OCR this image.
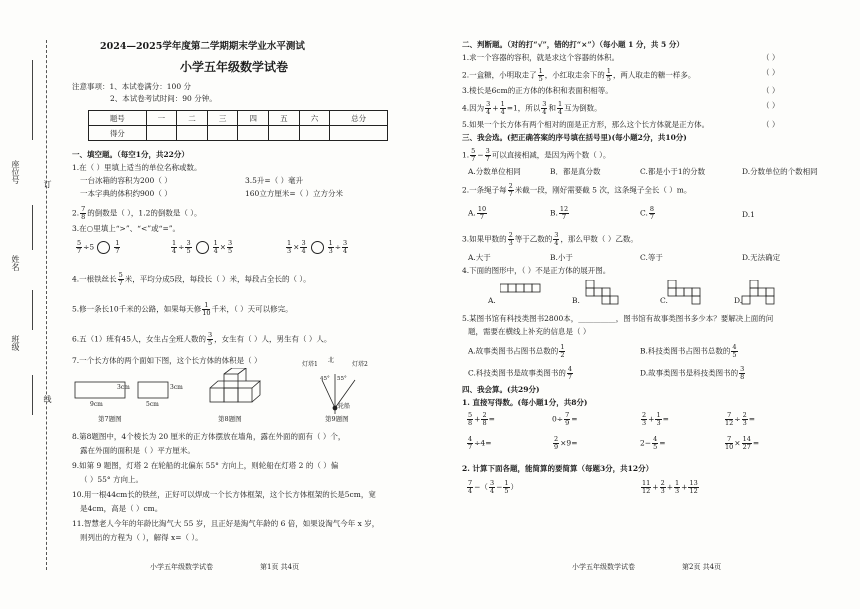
座位号
姓名
班级
订
线
2024—2025学年度第二学期期末学业水平测试
小学五年级数学试卷
注意事项：1、本试卷满分：100 分
2、本试卷考试时间：90 分钟。
题号	一	二	三	四	五	六	总分
得分							
一、填空题。（每空1分，共22分）
1.在（ ）里填上适当的单位名称或数。
一台冰箱的容积为200（ ）	3.5升=（ ）毫升
一本字典的体积约900（ ）	160立方厘米=（ ）立方分米
2. $\frac{7}{8}$ 的倒数是（ ），1.2的倒数是（ ）。
3.在○里填上“>”、“<”或“=”。
$\frac{5}{7} \div 5$	$\frac{1}{7}$	$\frac{1}{4} \div \frac{3}{5}$	$\frac{1}{4} \times \frac{3}{5}$	$\frac{1}{3} \times \frac{3}{4}$	$\frac{1}{3} \div \frac{3}{4}$
4.一根铁丝长 $\frac{5}{7}$ 米，平均分成5段，每段长（ ）米，每段占全长的（ ）。
5.修一条长10千米的公路，如果每天修 $\frac{1}{10}$ 千米，（ ）天可以修完。
6.五（1）班有45人，女生占全班人数的 $\frac{3}{5}$ ，女生有（ ）人，男生有（ ）人。
7.一个长方体的两个面如下图，这个长方体的体积是（ ）
3cm
9cm
3cm
5cm
北
灯塔1	灯塔2
45° 55°
轮船
第7题图	第8题图	第9题图
8.第8题图中，4个棱长为 20 厘米的正方体摆放在墙角，露在外面的面有（ ）个，
露在外面的面积是（ ）平方厘米。
9.如第 9 题图，灯塔 2 在轮船的北偏东 55° 方向上，则轮船在灯塔 2 的（ ）偏
（ ）55° 方向上。
10.用一根44cm长的铁丝，正好可以焊成一个长方体框架，这个长方体框架的长是5cm，宽
是4cm，高是（ ）cm。
11.智慧老人今年的年龄比淘气大 55 岁，且正好是淘气年龄的 6 倍，如果设淘气今年 x 岁，
则列出的方程为（ ），解得 x=（ ）。
小学五年级数学试卷	第1页 共4页
二、判断题。（对的打“√”，错的打“×”）（每小题 1 分，共 5 分）
1.求一个容器的容积，就是求这个容器的体积。
2.一盒糖，小明取走了 $\frac{1}{5}$ ，小红取走余下的 $\frac{1}{5}$ ，两人取走的糖一样多。
3.棱长是6cm的正方体的体积和表面积相等。
4.因为 $\frac{3}{4} + \frac{1}{4} =1$，所以 $\frac{3}{4}$ 和 $\frac{1}{4}$ 互为倒数。
5.如果一个长方体有两个相对的面是正方形，那么这个长方体就是正方体。
（ ）
（ ）
（ ）
（ ）
（ ）
三、我会选。(把正确答案的序号填在括号里)(每小题2分，共10分)
1. $\frac{5}{7} - \frac{3}{7}$ 可以直接相减，是因为两个数（ ）。
A.分数单位相同	B．都是真分数	C.都是小于1的分数	D.分数单位的个数相同
2.一条绳子每 $\frac{2}{7}$ 米截一段，刚好需要截 5 次，这条绳子全长（ ）m。
A. $\frac{10}{7}$	B. $\frac{12}{7}$	C. $\frac{8}{7}$	D.1
3.如果甲数的 $\frac{2}{3}$ 等于乙数的 $\frac{3}{4}$ ，那么甲数（ ）乙数。
A.大于	B.小于	C.等于	D.无法确定
4.下面的图形中，（ ）不是正方体的展开图。
A.	B.	C.	D.
5.某图书馆有科技类图书2800本，__________，图书馆有故事类图书多少本？要解决上面的问
题，需要在横线上补充的信息是（ ）
A.故事类图书占图书总数的 $\frac{1}{2}$	B.科技类图书占图书总数的 $\frac{4}{5}$
C.科技类图书是故事类图书的 $\frac{4}{7}$	D.故事类图书是科技类图书的 $\frac{3}{8}$
四、我会算。(共29分)
1. 直接写得数。(每小题1分，共8分)
$\frac{5}{8} + \frac{2}{8}$ =	$0\div \frac{7}{9}$ =	$\frac{2}{3} + \frac{1}{3}$ =	$\frac{7}{12} \div \frac{2}{3}$ =
$\frac{4}{7} \div 4=$	$\frac{2}{9} \times 9=$	$2- \frac{4}{5}$ =	$\frac{7}{10} \times \frac{14}{27}$ =
2. 计算下面各题，能简算的要简算（每题3分，共12分）
$\frac{7}{4}$ −（ $\frac{3}{4} - \frac{1}{5}$ ）	$\frac{11}{12} + \frac{2}{3} + \frac{1}{3} + \frac{13}{12}$
小学五年级数学试卷	第2页 共4页
